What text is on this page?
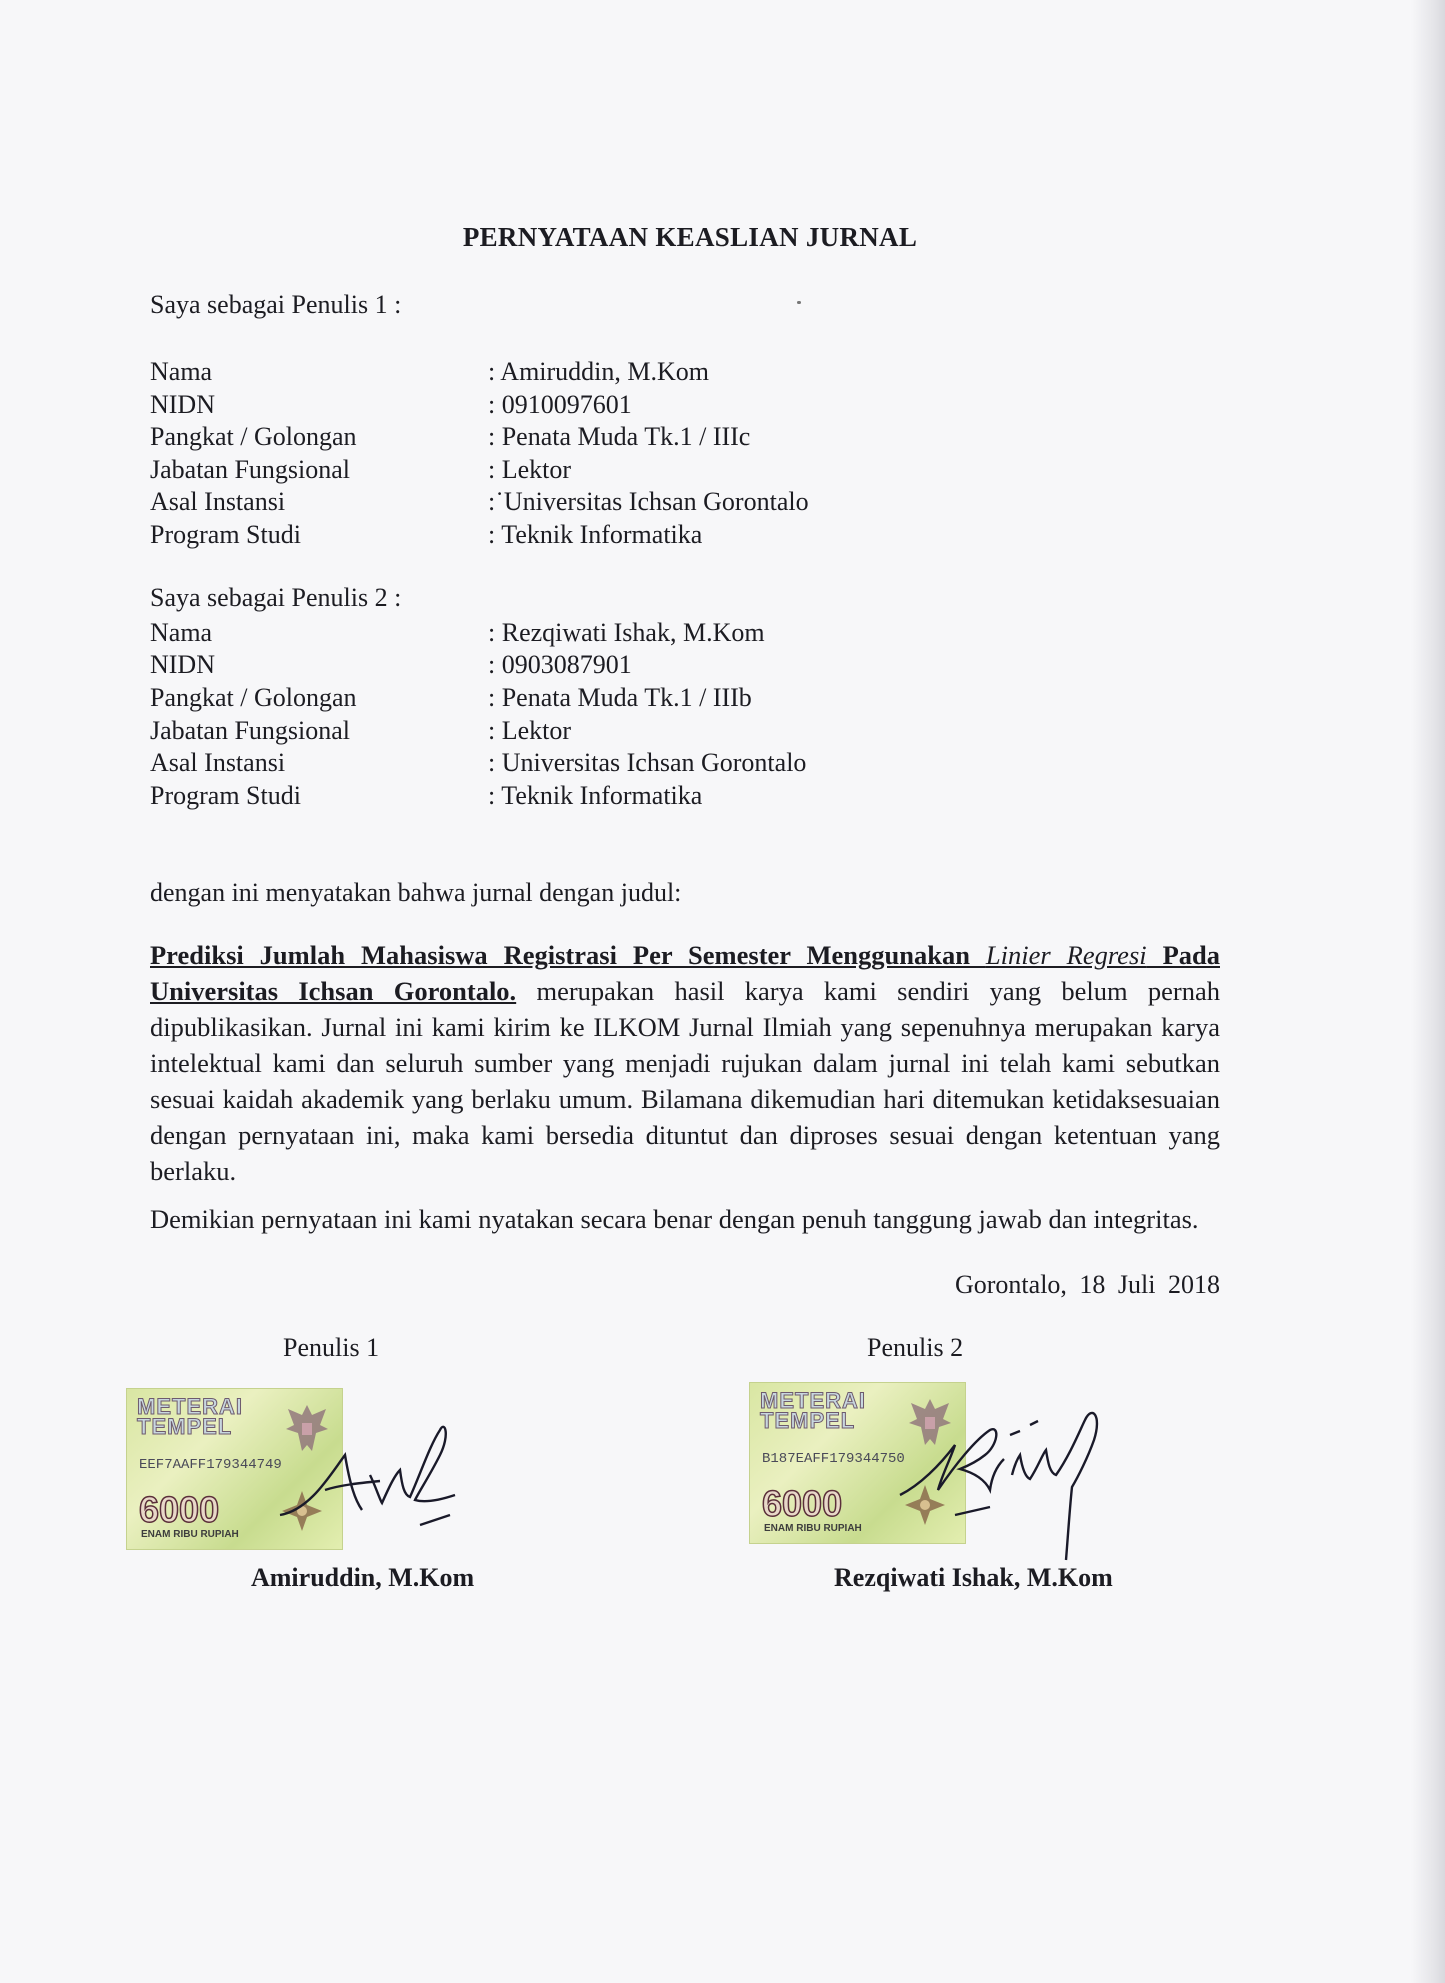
PERNYATAAN KEASLIAN JURNAL
Saya sebagai Penulis 1 :
Nama	: Amiruddin, M.Kom
NIDN	: 0910097601
Pangkat / Golongan	: Penata Muda Tk.1 / IIIc
Jabatan Fungsional	: Lektor
Asal Instansi	:˙Universitas Ichsan Gorontalo
Program Studi	: Teknik Informatika
Saya sebagai Penulis 2 :
Nama	: Rezqiwati Ishak, M.Kom
NIDN	: 0903087901
Pangkat / Golongan	: Penata Muda Tk.1 / IIIb
Jabatan Fungsional	: Lektor
Asal Instansi	: Universitas Ichsan Gorontalo
Program Studi	: Teknik Informatika
dengan ini menyatakan bahwa jurnal dengan judul:
Prediksi Jumlah Mahasiswa Registrasi Per Semester Menggunakan Linier Regresi Pada Universitas Ichsan Gorontalo. merupakan hasil karya kami sendiri yang belum pernah dipublikasikan. Jurnal ini kami kirim ke ILKOM Jurnal Ilmiah yang sepenuhnya merupakan karya intelektual kami dan seluruh sumber yang menjadi rujukan dalam jurnal ini telah kami sebutkan sesuai kaidah akademik yang berlaku umum. Bilamana dikemudian hari ditemukan ketidaksesuaian dengan pernyataan ini, maka kami bersedia dituntut dan diproses sesuai dengan ketentuan yang berlaku.
Demikian pernyataan ini kami nyatakan secara benar dengan penuh tanggung jawab dan integritas.
Gorontalo, 18 Juli 2018
Penulis 1	Penulis 2
METERAI
TEMPEL
EEF7AAFF179344749
6000
ENAM RIBU RUPIAH
Amiruddin, M.Kom
METERAI
TEMPEL
B187EAFF179344750
6000
ENAM RIBU RUPIAH
Rezqiwati Ishak, M.Kom
